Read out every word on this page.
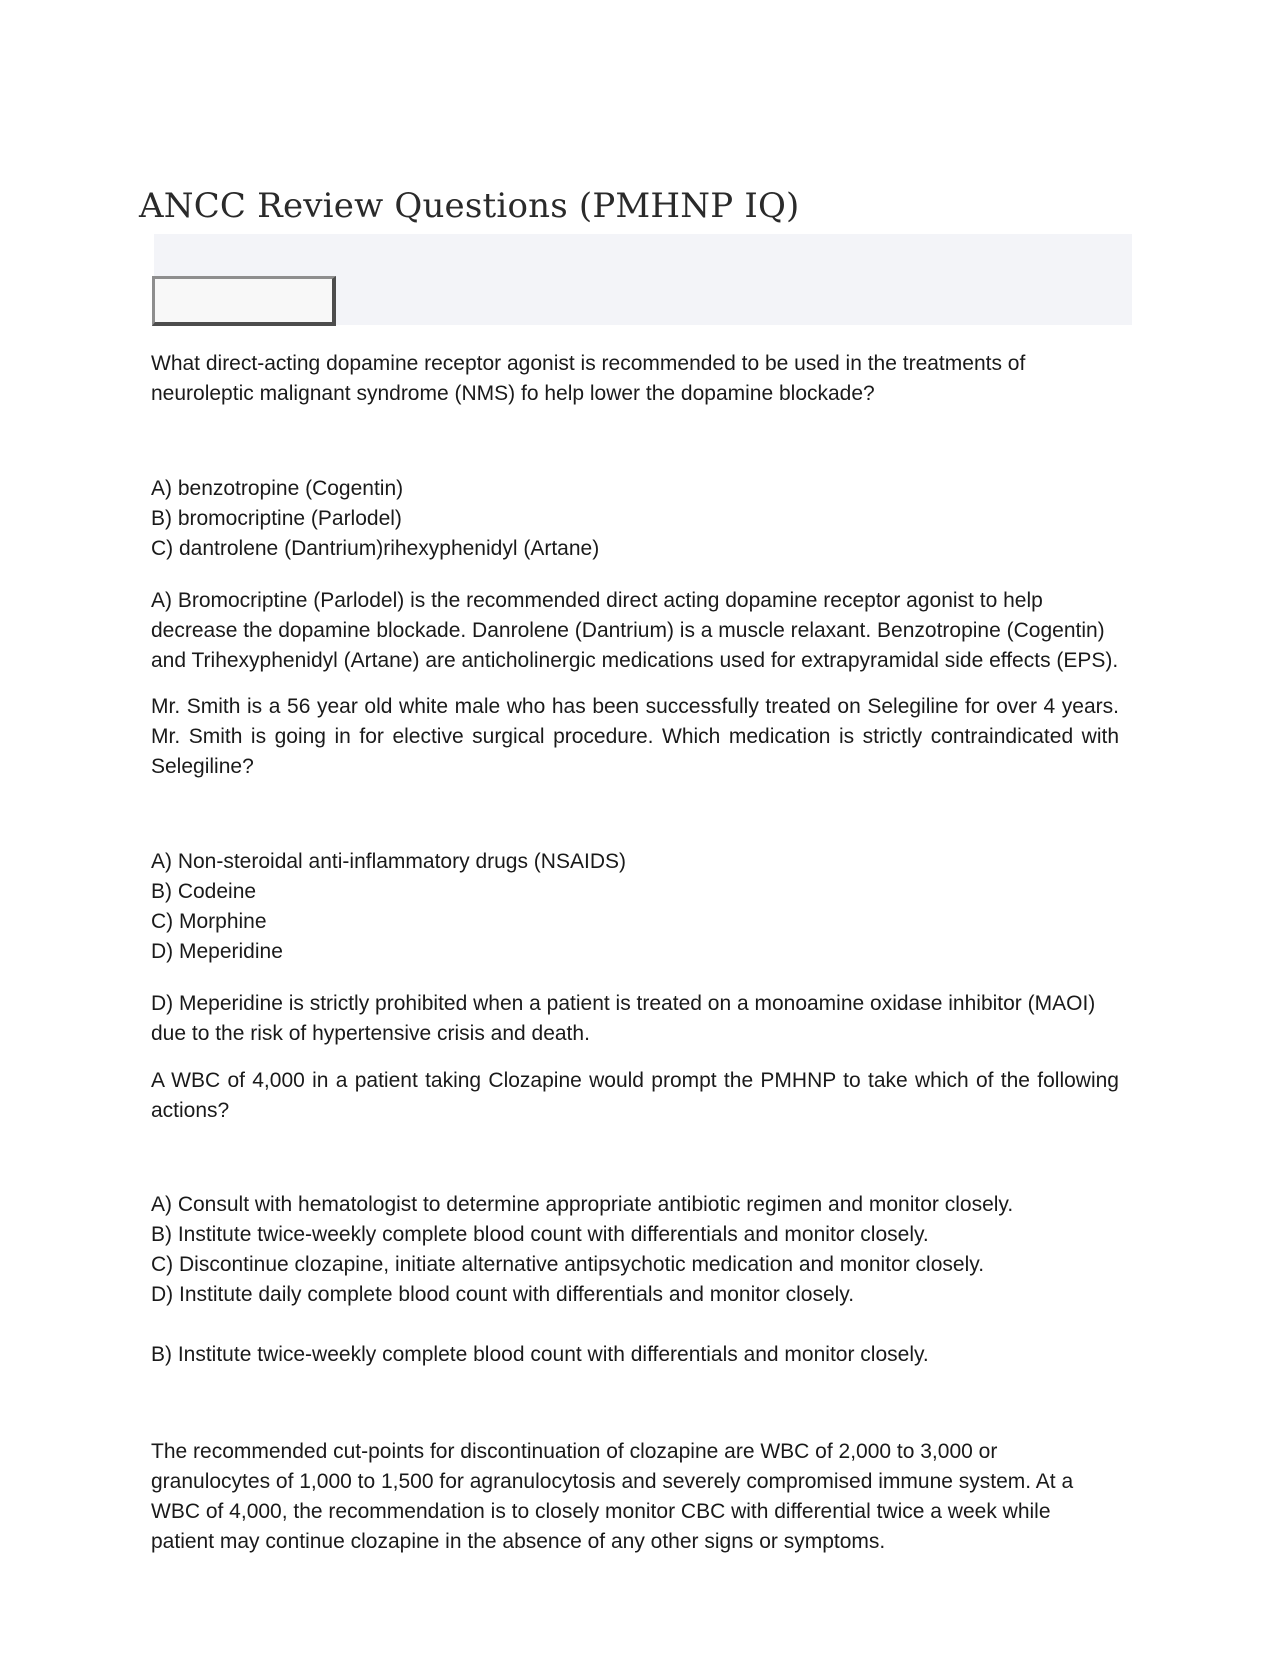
ANCC Review Questions (PMHNP IQ)

What direct-acting dopamine receptor agonist is recommended to be used in the treatments of neuroleptic malignant syndrome (NMS) fo help lower the dopamine blockade?

A) benzotropine (Cogentin)

B) bromocriptine (Parlodel)

C) dantrolene (Dantrium)rihexyphenidyl (Artane)

A) Bromocriptine (Parlodel) is the recommended direct acting dopamine receptor agonist to help decrease the dopamine blockade. Danrolene (Dantrium) is a muscle relaxant. Benzotropine (Cogentin) and Trihexyphenidyl (Artane) are anticholinergic medications used for extrapyramidal side effects (EPS).

Mr. Smith is a 56 year old white male who has been successfully treated on Selegiline for over 4 years. Mr. Smith is going in for elective surgical procedure. Which medication is strictly contraindicated with Selegiline?

A) Non-steroidal anti-inflammatory drugs (NSAIDS)

B) Codeine

C) Morphine

D) Meperidine

D) Meperidine is strictly prohibited when a patient is treated on a monoamine oxidase inhibitor (MAOI) due to the risk of hypertensive crisis and death.

A WBC of 4,000 in a patient taking Clozapine would prompt the PMHNP to take which of the following actions?

A) Consult with hematologist to determine appropriate antibiotic regimen and monitor closely.

B) Institute twice-weekly complete blood count with differentials and monitor closely.

C) Discontinue clozapine, initiate alternative antipsychotic medication and monitor closely.

D) Institute daily complete blood count with differentials and monitor closely.

B) Institute twice-weekly complete blood count with differentials and monitor closely.

The recommended cut-points for discontinuation of clozapine are WBC of 2,000 to 3,000 or granulocytes of 1,000 to 1,500 for agranulocytosis and severely compromised immune system. At a WBC of 4,000, the recommendation is to closely monitor CBC with differential twice a week while patient may continue clozapine in the absence of any other signs or symptoms.
